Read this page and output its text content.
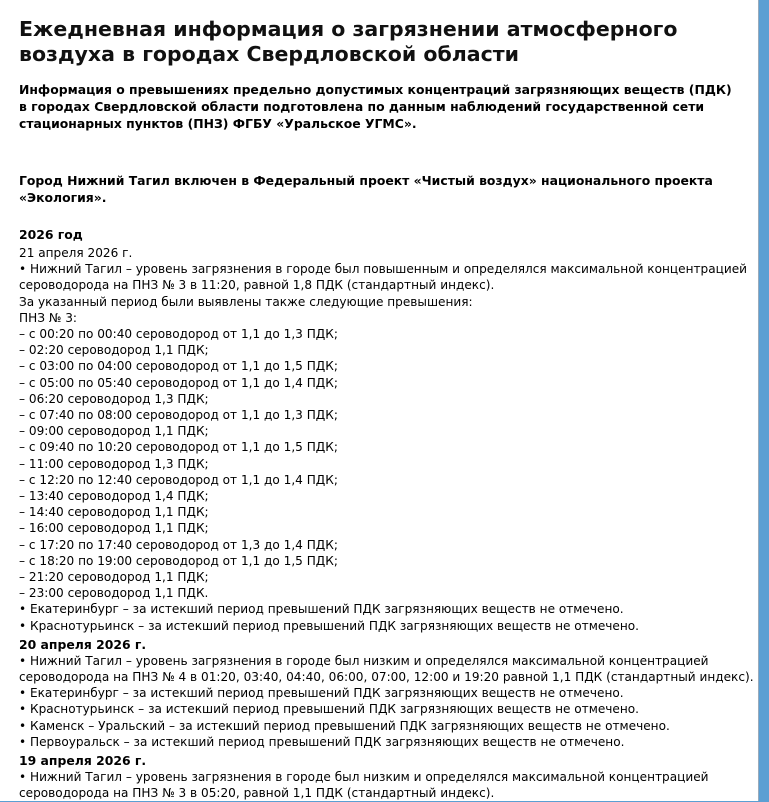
Ежедневная информация о загрязнении атмосферного воздуха в городах Свердловской области
Информация о превышениях предельно допустимых концентраций загрязняющих веществ (ПДК) в городах Свердловской области подготовлена по данным наблюдений государственной сети стационарных пунктов (ПНЗ) ФГБУ «Уральское УГМС».
Город Нижний Тагил включен в Федеральный проект «Чистый воздух» национального проекта «Экология».
2026 год
21 апреля 2026 г.
• Нижний Тагил – уровень загрязнения в городе был повышенным и определялся максимальной концентрацией
сероводорода на ПНЗ № 3 в 11:20, равной 1,8 ПДК (стандартный индекс).
За указанный период были выявлены также следующие превышения:
ПНЗ № 3:
– с 00:20 по 00:40 сероводород от 1,1 до 1,3 ПДК;
– 02:20 сероводород 1,1 ПДК;
– с 03:00 по 04:00 сероводород от 1,1 до 1,5 ПДК;
– с 05:00 по 05:40 сероводород от 1,1 до 1,4 ПДК;
– 06:20 сероводород 1,3 ПДК;
– с 07:40 по 08:00 сероводород от 1,1 до 1,3 ПДК;
– 09:00 сероводород 1,1 ПДК;
– с 09:40 по 10:20 сероводород от 1,1 до 1,5 ПДК;
– 11:00 сероводород 1,3 ПДК;
– с 12:20 по 12:40 сероводород от 1,1 до 1,4 ПДК;
– 13:40 сероводород 1,4 ПДК;
– 14:40 сероводород 1,1 ПДК;
– 16:00 сероводород 1,1 ПДК;
– с 17:20 по 17:40 сероводород от 1,3 до 1,4 ПДК;
– с 18:20 по 19:00 сероводород от 1,1 до 1,5 ПДК;
– 21:20 сероводород 1,1 ПДК;
– 23:00 сероводород 1,1 ПДК.
• Екатеринбург – за истекший период превышений ПДК загрязняющих веществ не отмечено.
• Краснотурьинск – за истекший период превышений ПДК загрязняющих веществ не отмечено.
20 апреля 2026 г.
• Нижний Тагил – уровень загрязнения в городе был низким и определялся максимальной концентрацией
сероводорода на ПНЗ № 4 в 01:20, 03:40, 04:40, 06:00, 07:00, 12:00 и 19:20 равной 1,1 ПДК (стандартный индекс).
• Екатеринбург – за истекший период превышений ПДК загрязняющих веществ не отмечено.
• Краснотурьинск – за истекший период превышений ПДК загрязняющих веществ не отмечено.
• Каменск – Уральский – за истекший период превышений ПДК загрязняющих веществ не отмечено.
• Первоуральск – за истекший период превышений ПДК загрязняющих веществ не отмечено.
19 апреля 2026 г.
• Нижний Тагил – уровень загрязнения в городе был низким и определялся максимальной концентрацией
сероводорода на ПНЗ № 3 в 05:20, равной 1,1 ПДК (стандартный индекс).
